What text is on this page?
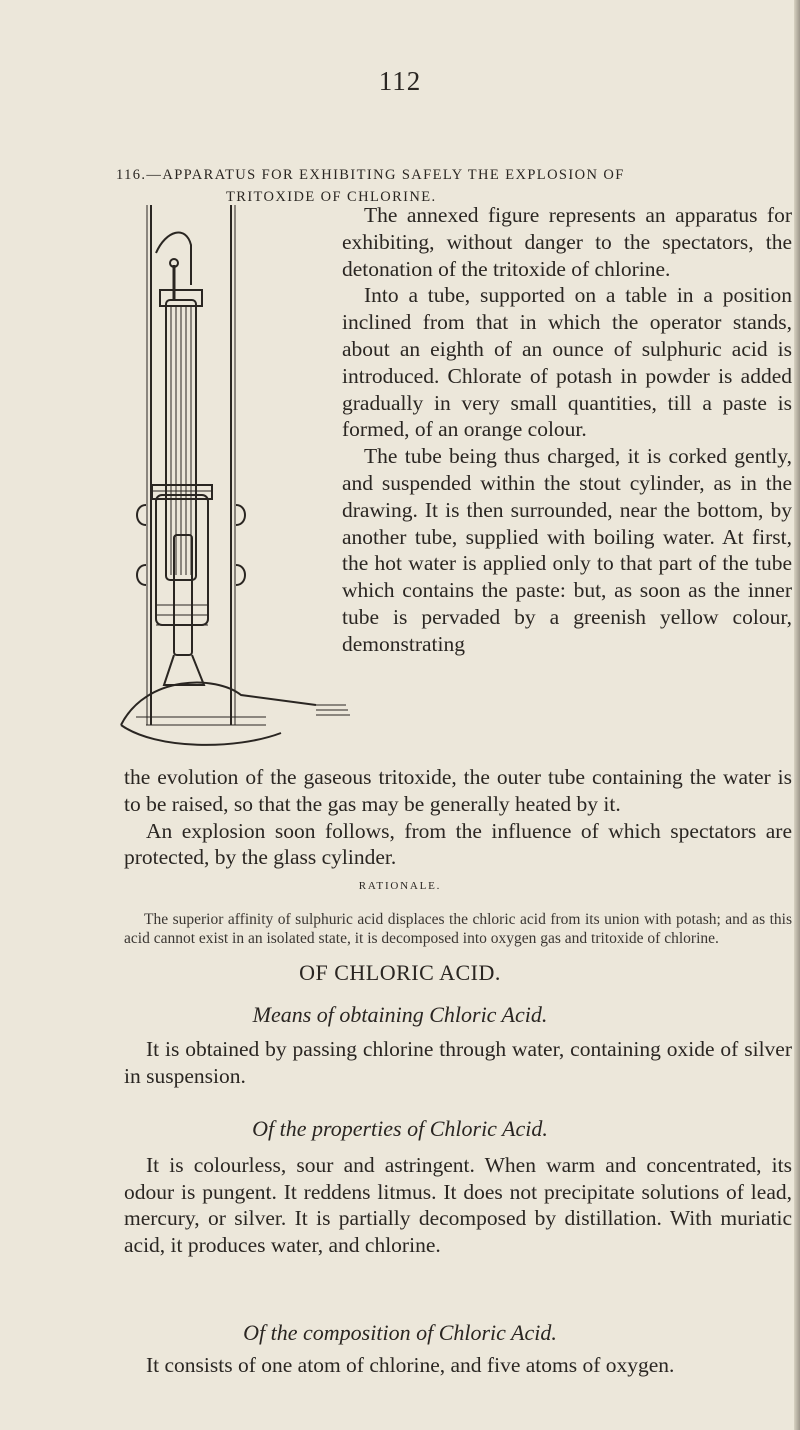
112
116.—APPARATUS FOR EXHIBITING SAFELY THE EXPLOSION OF
TRITOXIDE OF CHLORINE.

The annexed figure represents an apparatus for exhibiting, without danger to the spectators, the detonation of the tritoxide of chlorine.

Into a tube, supported on a table in a position inclined from that in which the operator stands, about an eighth of an ounce of sulphuric acid is introduced. Chlorate of potash in powder is added gradually in very small quantities, till a paste is formed, of an orange colour.

The tube being thus charged, it is corked gently, and suspended within the stout cylinder, as in the drawing. It is then surrounded, near the bottom, by another tube, supplied with boiling water. At first, the hot water is applied only to that part of the tube which contains the paste: but, as soon as the inner tube is pervaded by a greenish yellow colour, demonstrating

the evolution of the gaseous tritoxide, the outer tube containing the water is to be raised, so that the gas may be generally heated by it.

An explosion soon follows, from the influence of which spectators are protected, by the glass cylinder.

RATIONALE.

The superior affinity of sulphuric acid displaces the chloric acid from its union with potash; and as this acid cannot exist in an isolated state, it is decomposed into oxygen gas and tritoxide of chlorine.

OF CHLORIC ACID.
Means of obtaining Chloric Acid.

It is obtained by passing chlorine through water, containing oxide of silver in suspension.

Of the properties of Chloric Acid.

It is colourless, sour and astringent. When warm and concentrated, its odour is pungent. It reddens litmus. It does not precipitate solutions of lead, mercury, or silver. It is partially decomposed by distillation. With muriatic acid, it produces water, and chlorine.

Of the composition of Chloric Acid.

It consists of one atom of chlorine, and five atoms of oxygen.
